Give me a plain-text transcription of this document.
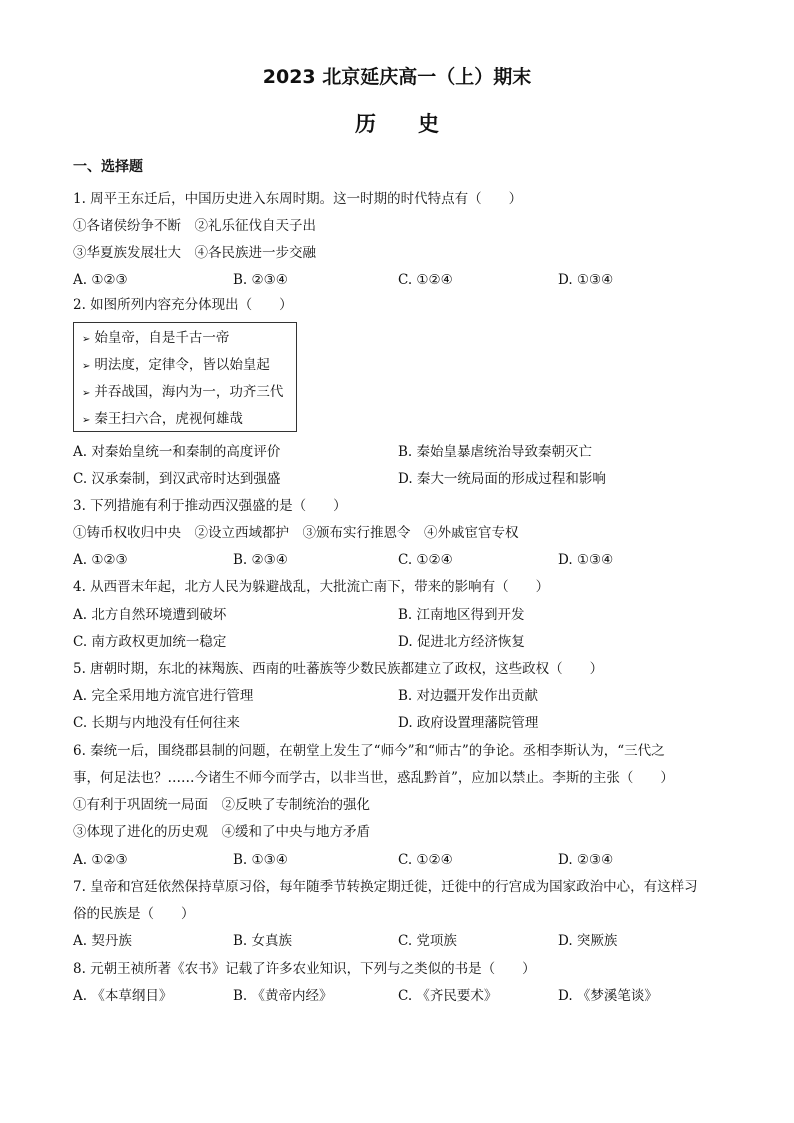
2023 北京延庆高一（上）期末
历　　史
一、选择题
1. 周平王东迁后，中国历史进入东周时期。这一时期的时代特点有（　　）
①各诸侯纷争不断　②礼乐征伐自天子出
③华夏族发展壮大　④各民族进一步交融
A. ①②③	B. ②③④	C. ①②④	D. ①③④
2. 如图所列内容充分体现出（　　）
➢ 始皇帝，自是千古一帝
➢ 明法度，定律令，皆以始皇起
➢ 并吞战国，海内为一，功齐三代
➢ 秦王扫六合，虎视何雄哉
A. 对秦始皇统一和秦制的高度评价	B. 秦始皇暴虐统治导致秦朝灭亡
C. 汉承秦制，到汉武帝时达到强盛	D. 秦大一统局面的形成过程和影响
3. 下列措施有利于推动西汉强盛的是（　　）
①铸币权收归中央　②设立西域都护　③颁布实行推恩令　④外戚宦官专权
A. ①②③	B. ②③④	C. ①②④	D. ①③④
4. 从西晋末年起，北方人民为躲避战乱，大批流亡南下，带来的影响有（　　）
A. 北方自然环境遭到破坏	B. 江南地区得到开发
C. 南方政权更加统一稳定	D. 促进北方经济恢复
5. 唐朝时期，东北的袜羯族、西南的吐蕃族等少数民族都建立了政权，这些政权（　　）
A. 完全采用地方流官进行管理	B. 对边疆开发作出贡献
C. 长期与内地没有任何往来	D. 政府设置理藩院管理
6. 秦统一后，围绕郡县制的问题，在朝堂上发生了“师今”和“师古”的争论。丞相李斯认为，“三代之
事，何足法也？……今诸生不师今而学古，以非当世，惑乱黔首”，应加以禁止。李斯的主张（　　）
①有利于巩固统一局面　②反映了专制统治的强化
③体现了进化的历史观　④缓和了中央与地方矛盾
A. ①②③	B. ①③④	C. ①②④	D. ②③④
7. 皇帝和宫廷依然保持草原习俗，每年随季节转换定期迁徙，迁徙中的行宫成为国家政治中心，有这样习
俗的民族是（　　）
A. 契丹族	B. 女真族	C. 党项族	D. 突厥族
8. 元朝王祯所著《农书》记载了许多农业知识，下列与之类似的书是（　　）
A. 《本草纲目》	B. 《黄帝内经》	C. 《齐民要术》	D. 《梦溪笔谈》
